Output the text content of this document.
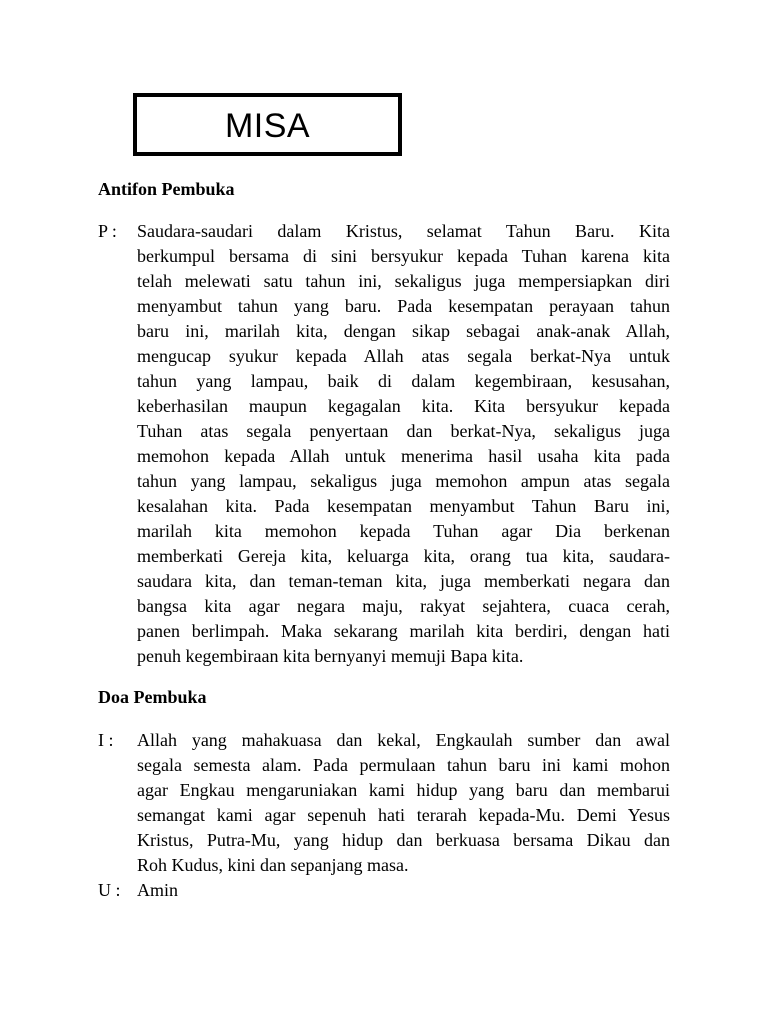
MISA
Antifon Pembuka
P :	Saudara-saudari dalam Kristus, selamat Tahun Baru. Kita
berkumpul bersama di sini bersyukur kepada Tuhan karena kita
telah melewati satu tahun ini, sekaligus juga mempersiapkan diri
menyambut tahun yang baru. Pada kesempatan perayaan tahun
baru ini, marilah kita, dengan sikap sebagai anak-anak Allah,
mengucap syukur kepada Allah atas segala berkat-Nya untuk
tahun yang lampau, baik di dalam kegembiraan, kesusahan,
keberhasilan maupun kegagalan kita. Kita bersyukur kepada
Tuhan atas segala penyertaan dan berkat-Nya, sekaligus juga
memohon kepada Allah untuk menerima hasil usaha kita pada
tahun yang lampau, sekaligus juga memohon ampun atas segala
kesalahan kita. Pada kesempatan menyambut Tahun Baru ini,
marilah kita memohon kepada Tuhan agar Dia berkenan
memberkati Gereja kita, keluarga kita, orang tua kita, saudara-
saudara kita, dan teman-teman kita, juga memberkati negara dan
bangsa kita agar negara maju, rakyat sejahtera, cuaca cerah,
panen berlimpah. Maka sekarang marilah kita berdiri, dengan hati
penuh kegembiraan kita bernyanyi memuji Bapa kita.
Doa Pembuka
I :	Allah yang mahakuasa dan kekal, Engkaulah sumber dan awal
segala semesta alam. Pada permulaan tahun baru ini kami mohon
agar Engkau mengaruniakan kami hidup yang baru dan membarui
semangat kami agar sepenuh hati terarah kepada-Mu. Demi Yesus
Kristus, Putra-Mu, yang hidup dan berkuasa bersama Dikau dan
Roh Kudus, kini dan sepanjang masa.
U : Amin
